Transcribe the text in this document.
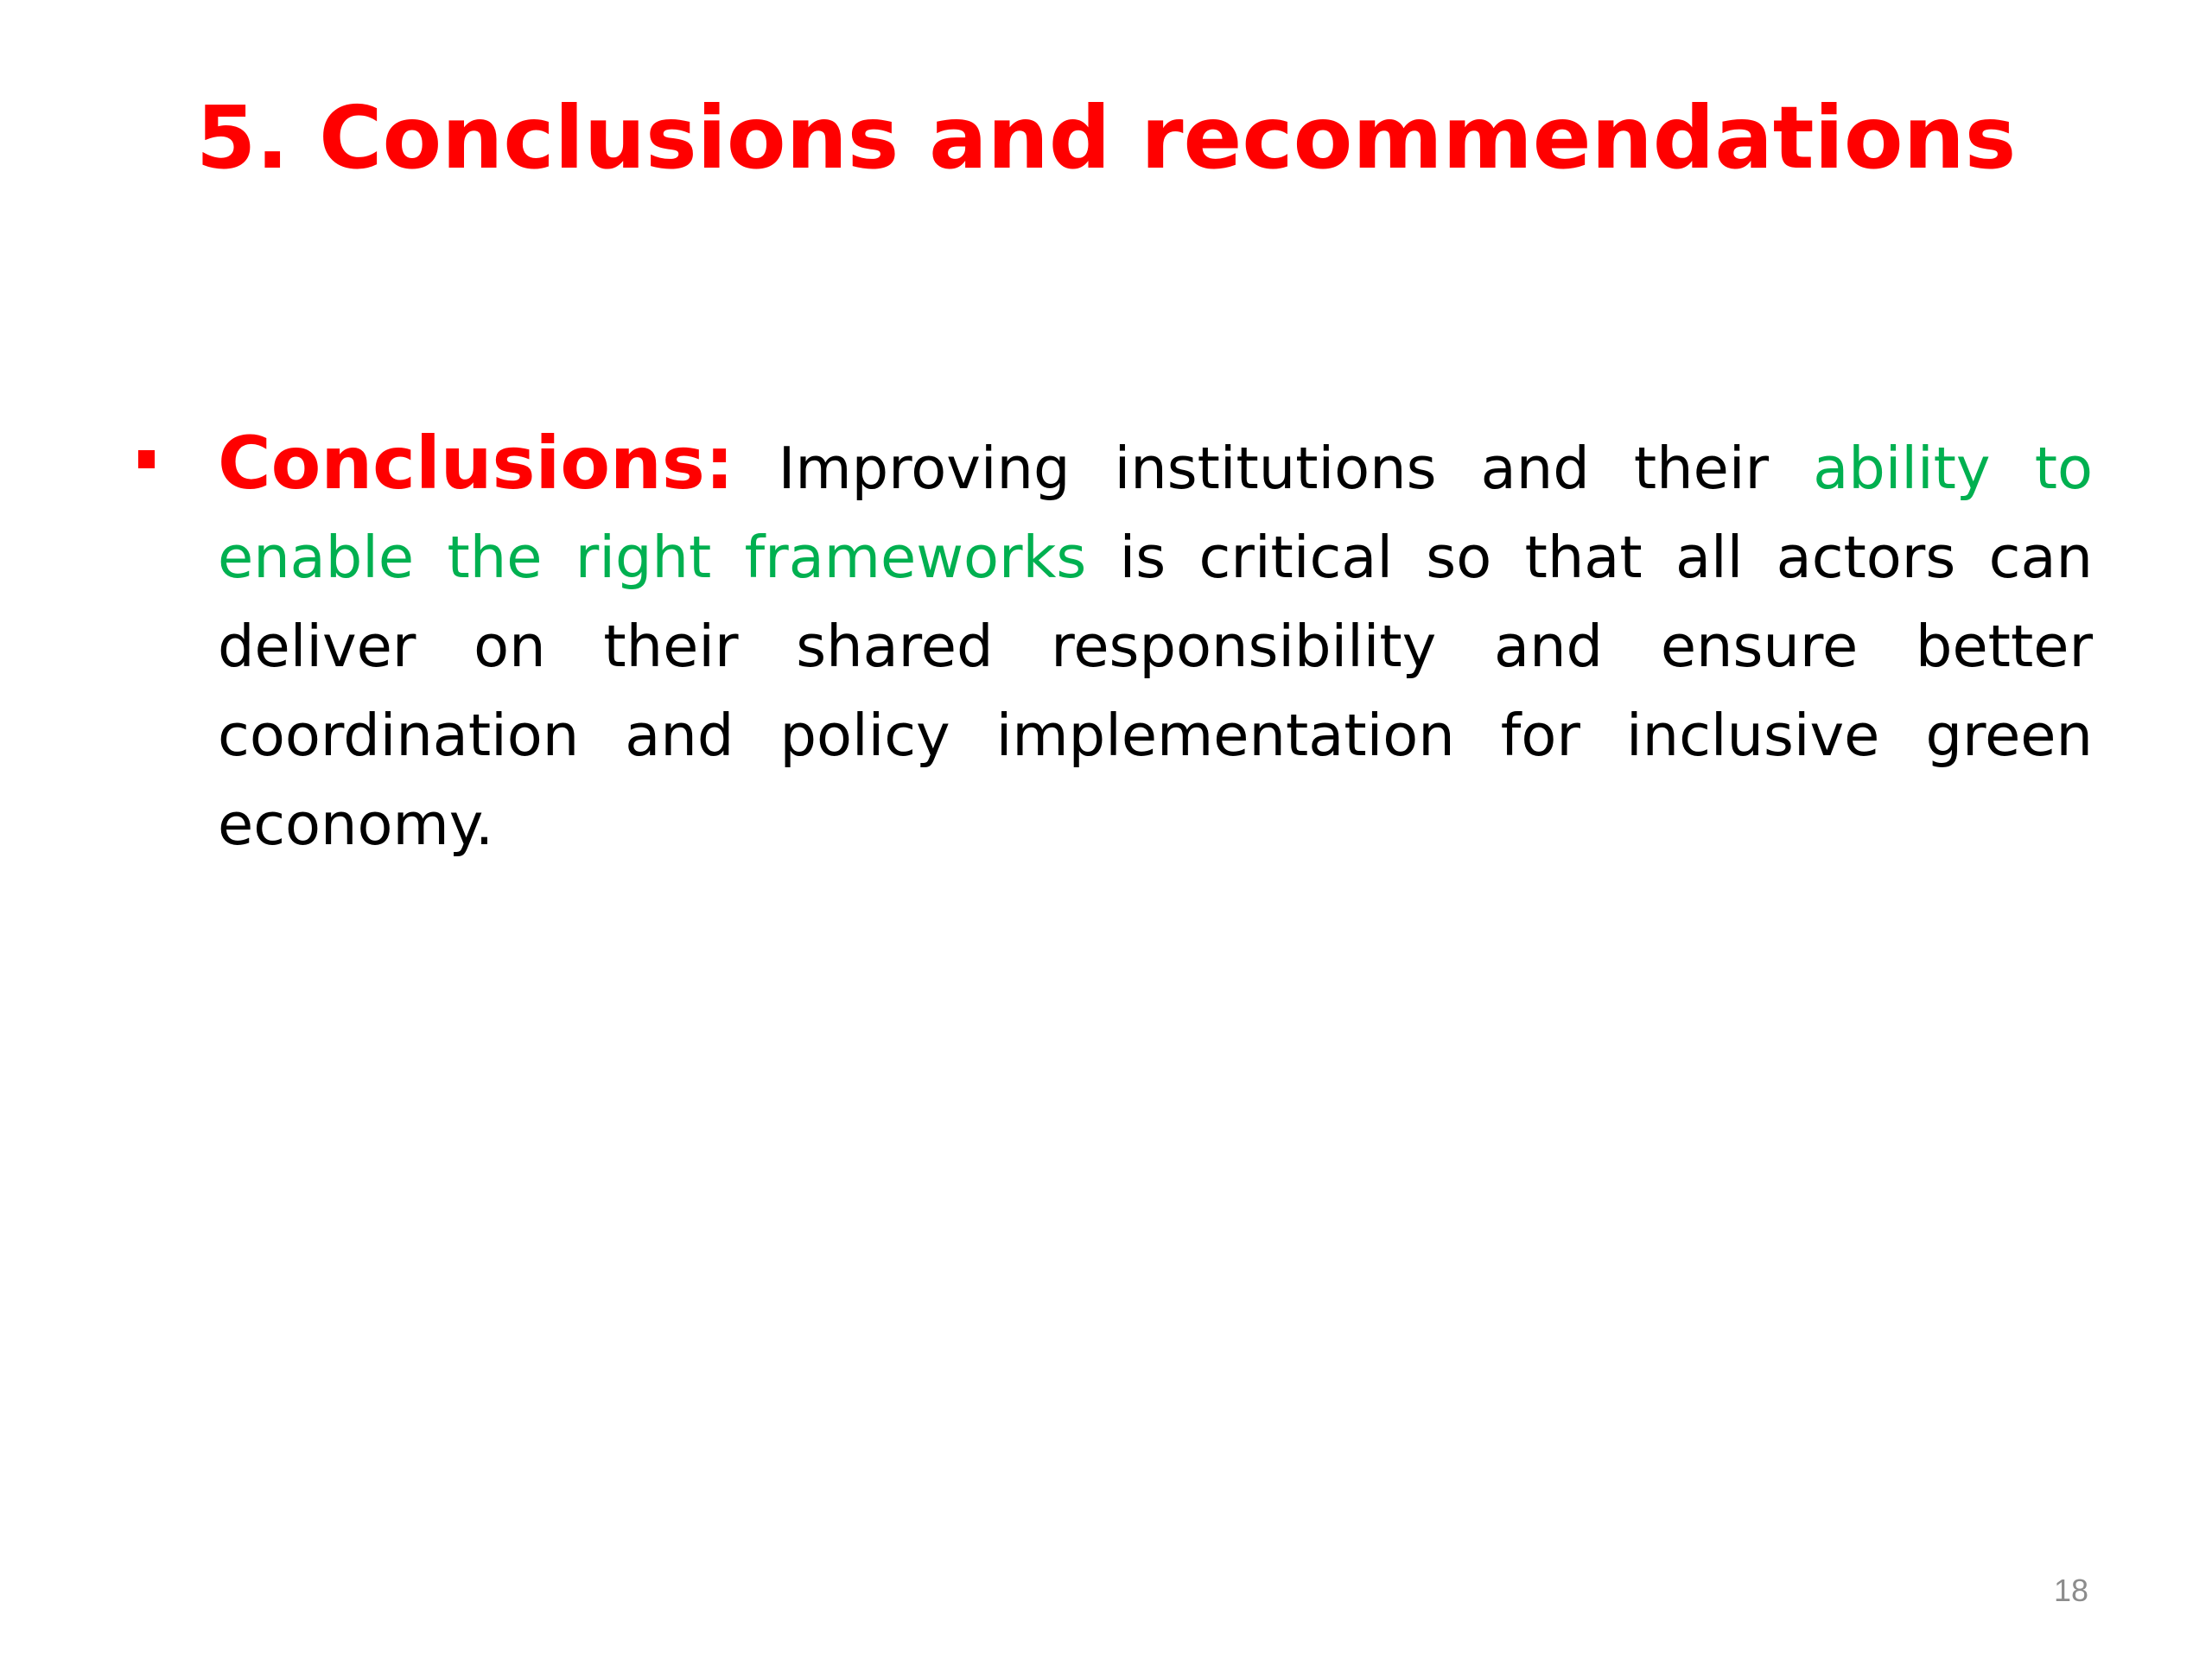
5. Conclusions and recommendations
Conclusions: Improving institutions and their ability to enable the right frameworks is critical so that all actors can deliver on their shared responsibility and ensure better coordination and policy implementation for inclusive green economy.
18
